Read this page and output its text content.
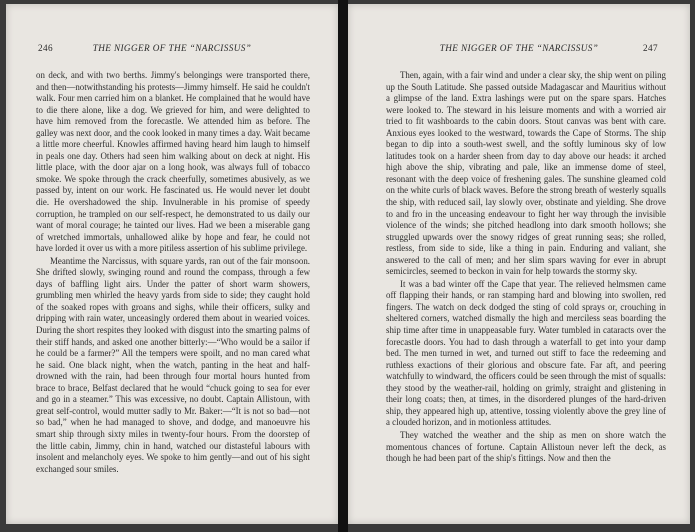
246	THE NIGGER OF THE “NARCISSUS”

on deck, and with two berths. Jimmy's belongings were transported there, and then—notwithstanding his protests—Jimmy himself. He said he couldn't walk. Four men carried him on a blanket. He complained that he would have to die there alone, like a dog. We grieved for him, and were delighted to have him removed from the forecastle. We attended him as before. The galley was next door, and the cook looked in many times a day. Wait became a little more cheerful. Knowles affirmed having heard him laugh to himself in peals one day. Others had seen him walking about on deck at night. His little place, with the door ajar on a long hook, was always full of tobacco smoke. We spoke through the crack cheerfully, sometimes abusively, as we passed by, intent on our work. He fascinated us. He would never let doubt die. He overshadowed the ship. Invulnerable in his promise of speedy corruption, he trampled on our self-respect, he demonstrated to us daily our want of moral courage; he tainted our lives. Had we been a miserable gang of wretched immortals, unhallowed alike by hope and fear, he could not have lorded it over us with a more pitiless assertion of his sublime privilege.

Meantime the Narcissus, with square yards, ran out of the fair monsoon. She drifted slowly, swinging round and round the compass, through a few days of baffling light airs. Under the patter of short warm showers, grumbling men whirled the heavy yards from side to side; they caught hold of the soaked ropes with groans and sighs, while their officers, sulky and dripping with rain water, unceasingly ordered them about in wearied voices. During the short respites they looked with disgust into the smarting palms of their stiff hands, and asked one another bitterly:—“Who would be a sailor if he could be a farmer?” All the tempers were spoilt, and no man cared what he said. One black night, when the watch, panting in the heat and half-drowned with the rain, had been through four mortal hours hunted from brace to brace, Belfast declared that he would “chuck going to sea for ever and go in a steamer.” This was excessive, no doubt. Captain Allistoun, with great self-control, would mutter sadly to Mr. Baker:—“It is not so bad—not so bad,” when he had managed to shove, and dodge, and manoeuvre his smart ship through sixty miles in twenty-four hours. From the doorstep of the little cabin, Jimmy, chin in hand, watched our distasteful labours with insolent and melancholy eyes. We spoke to him gently—and out of his sight exchanged sour smiles.

THE NIGGER OF THE “NARCISSUS”	247

Then, again, with a fair wind and under a clear sky, the ship went on piling up the South Latitude. She passed outside Madagascar and Mauritius without a glimpse of the land. Extra lashings were put on the spare spars. Hatches were looked to. The steward in his leisure moments and with a worried air tried to fit washboards to the cabin doors. Stout canvas was bent with care. Anxious eyes looked to the westward, towards the Cape of Storms. The ship began to dip into a south-west swell, and the softly luminous sky of low latitudes took on a harder sheen from day to day above our heads: it arched high above the ship, vibrating and pale, like an immense dome of steel, resonant with the deep voice of freshening gales. The sunshine gleamed cold on the white curls of black waves. Before the strong breath of westerly squalls the ship, with reduced sail, lay slowly over, obstinate and yielding. She drove to and fro in the unceasing endeavour to fight her way through the invisible violence of the winds; she pitched headlong into dark smooth hollows; she struggled upwards over the snowy ridges of great running seas; she rolled, restless, from side to side, like a thing in pain. Enduring and valiant, she answered to the call of men; and her slim spars waving for ever in abrupt semicircles, seemed to beckon in vain for help towards the stormy sky.

It was a bad winter off the Cape that year. The relieved helmsmen came off flapping their hands, or ran stamping hard and blowing into swollen, red fingers. The watch on deck dodged the sting of cold sprays or, crouching in sheltered corners, watched dismally the high and merciless seas boarding the ship time after time in unappeasable fury. Water tumbled in cataracts over the forecastle doors. You had to dash through a waterfall to get into your damp bed. The men turned in wet, and turned out stiff to face the redeeming and ruthless exactions of their glorious and obscure fate. Far aft, and peering watchfully to windward, the officers could be seen through the mist of squalls: they stood by the weather-rail, holding on grimly, straight and glistening in their long coats; then, at times, in the disordered plunges of the hard-driven ship, they appeared high up, attentive, tossing violently above the grey line of a clouded horizon, and in motionless attitudes.

They watched the weather and the ship as men on shore watch the momentous chances of fortune. Captain Allistoun never left the deck, as though he had been part of the ship's fittings. Now and then the
